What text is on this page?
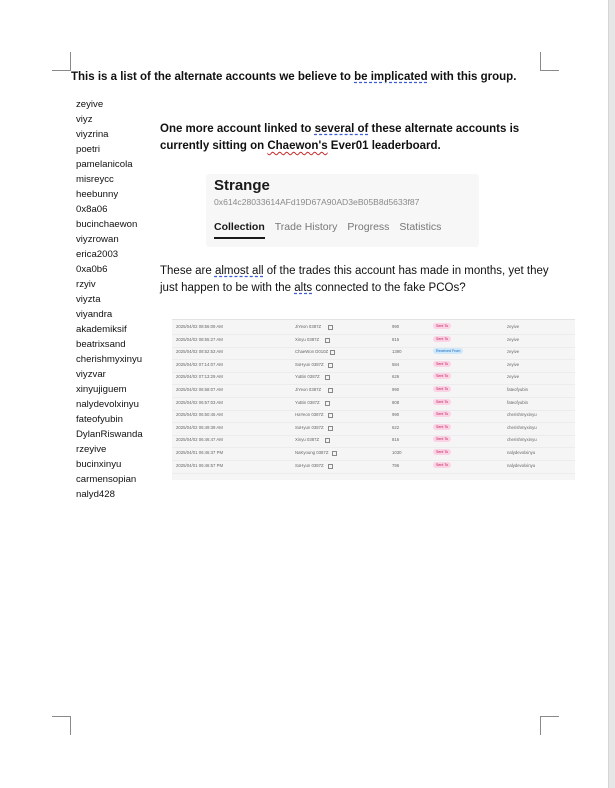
This is a list of the alternate accounts we believe to be implicated with this group.
zeyive
viyz
viyzrina
poetri
pamelanicola
misreycc
heebunny
0x8a06
bucinchaewon
viyzrowan
erica2003
0xa0b6
rzyiv
viyzta
viyandra
akademiksif
beatrixsand
cherishmyxinyu
viyzvar
xinyujiguem
nalydevolxinyu
fateofyubin
DylanRiswanda
rzeyive
bucinxinyu
carmensopian
nalyd428
One more account linked to several of these alternate accounts is currently sitting on Chaewon's Ever01 leaderboard.
Strange
0x614c28033614AFd19D67A90AD3eB05B8d5633f87
Collection Trade History Progress Statistics
These are almost all of the trades this account has made in months, yet they just happen to be with the alts connected to the fake PCOs?
2025/04/02 08:56:09 AM	JiYeon 0387Z	990	Sent To	zeyive
2025/04/02 08:55:27 AM	Xinyu 0387Z	815	Sent To	zeyive
2025/04/02 08:52:53 AM	ChaeWon D010Z	1390	Received From	zeyive
2025/04/02 07:14:07 AM	SoHyun 0387Z	584	Sent To	zeyive
2025/04/02 07:13:29 AM	YuBin 0387Z	626	Sent To	zeyive
2025/04/02 06:58:07 AM	JiYeon 0387Z	990	Sent To	fateofyubin
2025/04/02 06:57:03 AM	YuBin 0387Z	808	Sent To	fateofyubin
2025/04/02 06:50:45 AM	HaYeon 0387Z	990	Sent To	cherishmyxinyu
2025/04/02 06:49:39 AM	SoHyun 0387Z	622	Sent To	cherishmyxinyu
2025/04/02 06:46:47 AM	Xinyu 0387Z	816	Sent To	cherishmyxinyu
2025/04/01 06:46:37 PM	NaKyoung 0387Z	1030	Sent To	nalydevolxinyu
2025/04/01 06:46:57 PM	SoHyun 0387Z	796	Sent To	nalydevolxinyu
